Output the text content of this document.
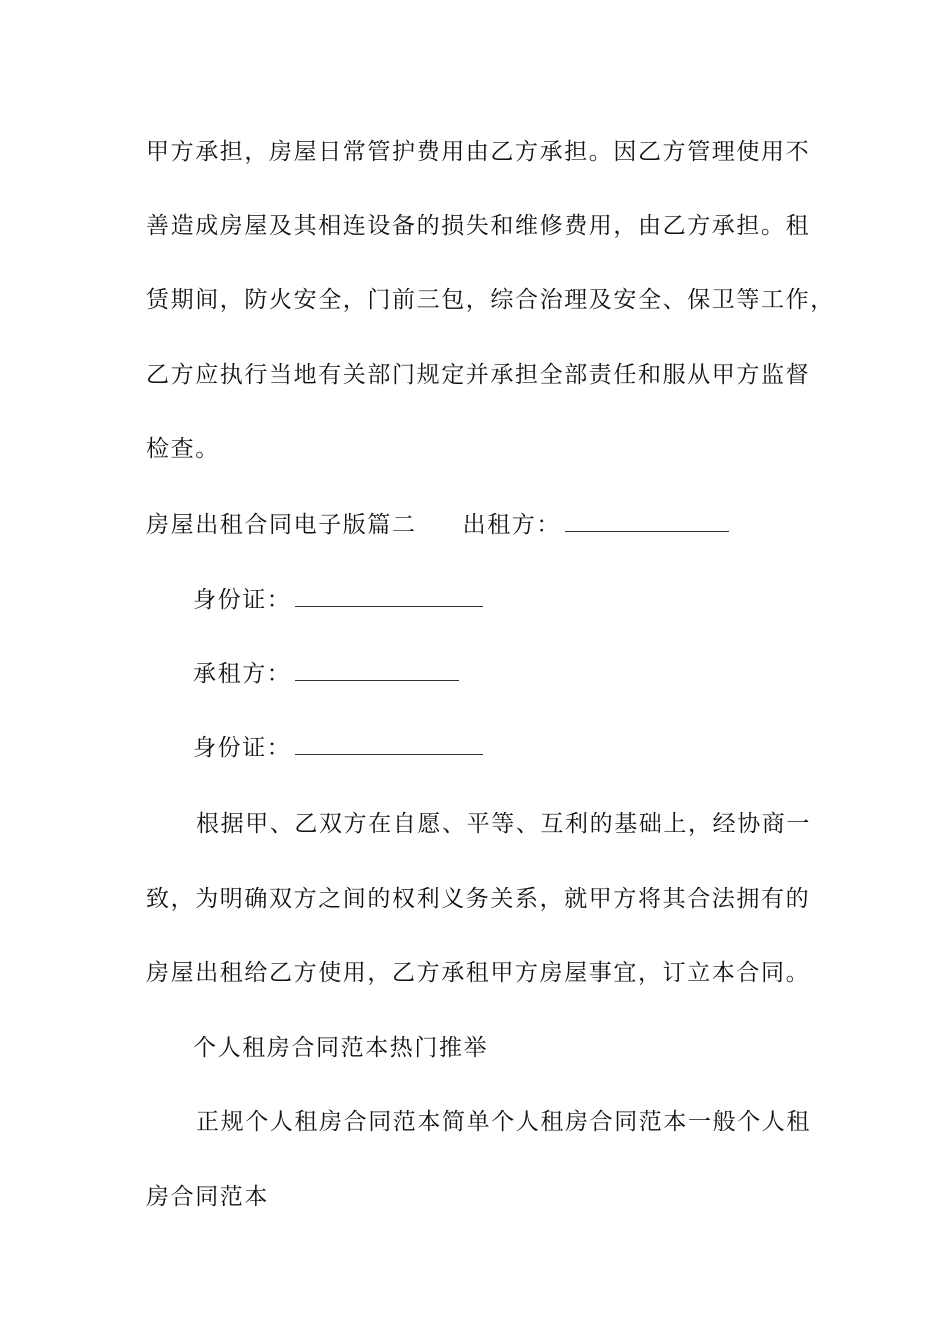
甲方承担，房屋日常管护费用由乙方承担。因乙方管理使用不
善造成房屋及其相连设备的损失和维修费用，由乙方承担。租
赁期间，防火安全，门前三包，综合治理及安全、保卫等工作，
乙方应执行当地有关部门规定并承担全部责任和服从甲方监督
检查。
房屋出租合同电子版篇二 出租方：
身份证：
承租方：
身份证：
根据甲、乙双方在自愿、平等、互利的基础上，经协商一
致，为明确双方之间的权利义务关系，就甲方将其合法拥有的
房屋出租给乙方使用，乙方承租甲方房屋事宜，订立本合同。
个人租房合同范本热门推举
正规个人租房合同范本简单个人租房合同范本一般个人租
房合同范本
